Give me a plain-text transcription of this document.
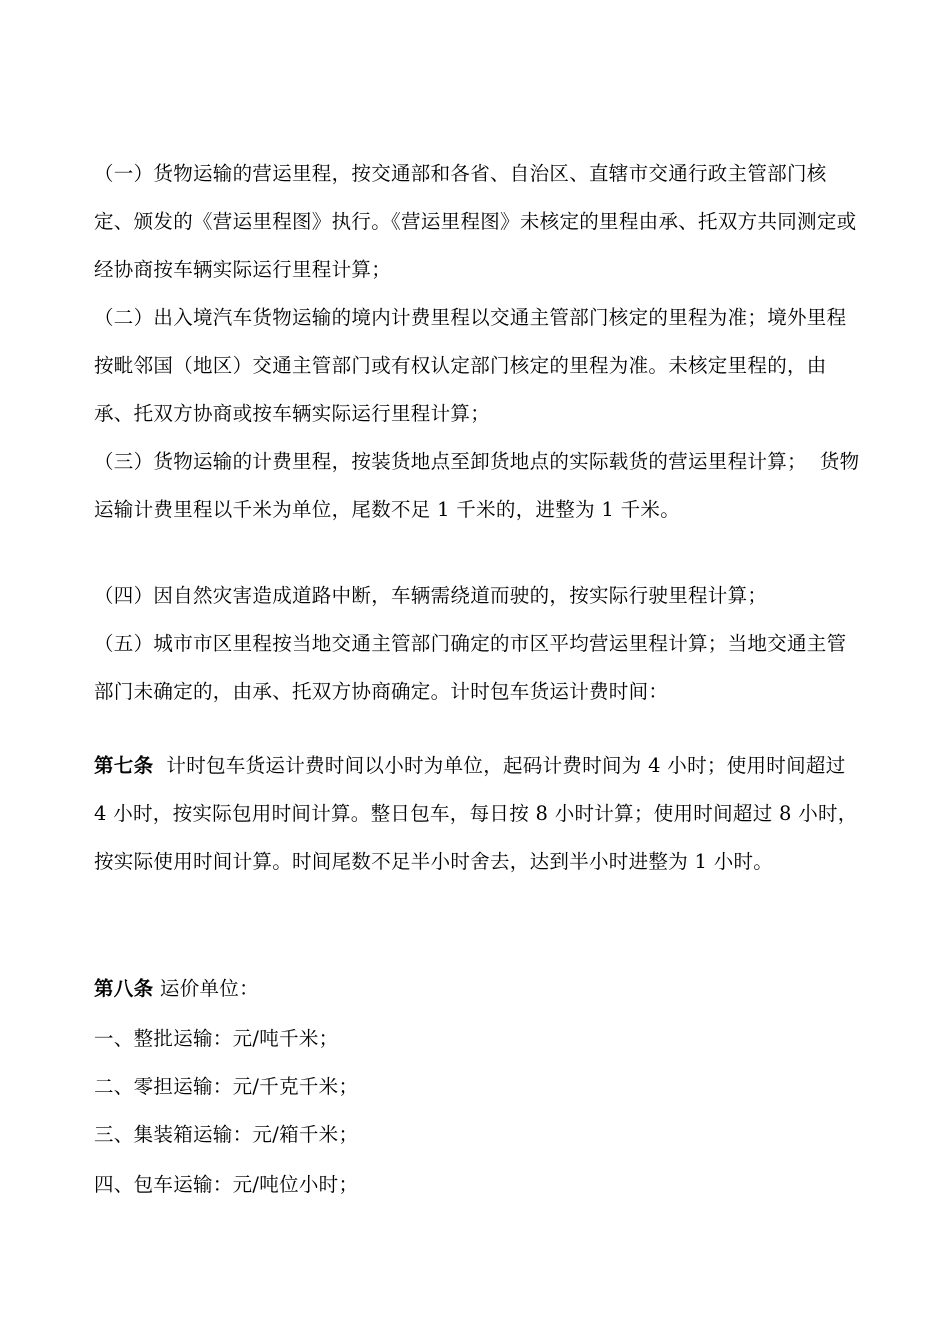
（一）货物运输的营运里程，按交通部和各省、自治区、直辖市交通行政主管部门核定、颁发的《营运里程图》执行。《营运里程图》未核定的里程由承、托双方共同测定或经协商按车辆实际运行里程计算；

（二）出入境汽车货物运输的境内计费里程以交通主管部门核定的里程为准；境外里程按毗邻国（地区）交通主管部门或有权认定部门核定的里程为准。未核定里程的，由承、托双方协商或按车辆实际运行里程计算；

（三）货物运输的计费里程，按装货地点至卸货地点的实际载货的营运里程计算；  货物运输计费里程以千米为单位，尾数不足 1 千米的，进整为 1 千米。

（四）因自然灾害造成道路中断，车辆需绕道而驶的，按实际行驶里程计算；

（五）城市市区里程按当地交通主管部门确定的市区平均营运里程计算；当地交通主管部门未确定的，由承、托双方协商确定。计时包车货运计费时间：

第七条  计时包车货运计费时间以小时为单位，起码计费时间为 4 小时；使用时间超过 4 小时，按实际包用时间计算。整日包车，每日按 8 小时计算；使用时间超过 8 小时，按实际使用时间计算。时间尾数不足半小时舍去，达到半小时进整为 1 小时。

第八条 运价单位：

一、整批运输：元/吨千米；

二、零担运输：元/千克千米；

三、集装箱运输：元/箱千米；

四、包车运输：元/吨位小时；
